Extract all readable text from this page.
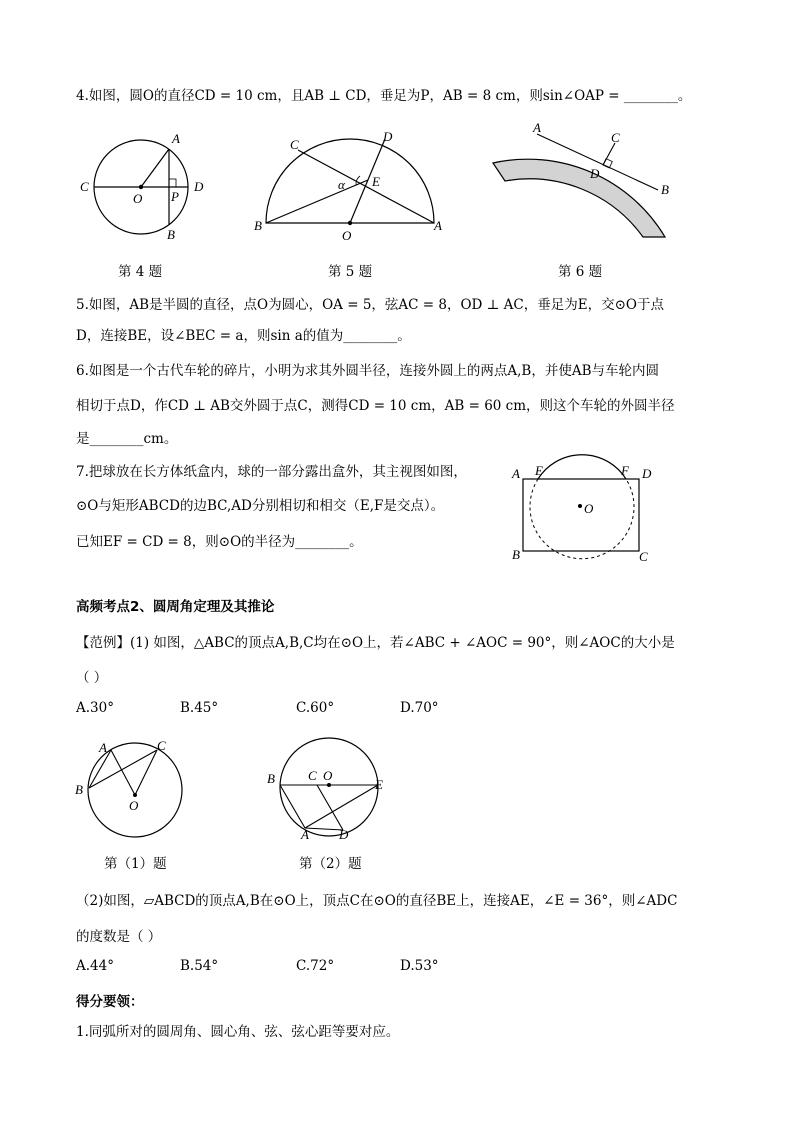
4.如图，圆O的直径CD = 10 cm，且AB ⊥ CD，垂足为P，AB = 8 cm，则sin∠OAP = ________。
A
B
C	D
O P
第 4 题
A
B
C
D
E
O
α
第 5 题
A
B
C
D
第 6 题
5.如图，AB是半圆的直径，点O为圆心，OA = 5，弦AC = 8，OD ⊥ AC，垂足为E，交⊙O于点
D，连接BE，设∠BEC = a，则sin a的值为________。
6.如图是一个古代车轮的碎片，小明为求其外圆半径，连接外圆上的两点A,B，并使AB与车轮内圆
相切于点D，作CD ⊥ AB交外圆于点C，测得CD = 10 cm，AB = 60 cm，则这个车轮的外圆半径
是________cm。
7.把球放在长方体纸盒内，球的一部分露出盒外，其主视图如图，
⊙O与矩形ABCD的边BC,AD分别相切和相交（E,F是交点）。
已知EF = CD = 8，则⊙O的半径为________。
A E	F D
B	C
O
高频考点2、圆周角定理及其推论
【范例】(1) 如图，△ABC的顶点A,B,C均在⊙O上，若∠ABC + ∠AOC = 90°，则∠AOC的大小是
（ ）
A.30°	B.45°	C.60°	D.70°
A
B
C
O
第（1）题
B	C O
E
A D
第（2）题
（2)如图，▱ABCD的顶点A,B在⊙O上，顶点C在⊙O的直径BE上，连接AE，∠E = 36°，则∠ADC
的度数是（ ）
A.44°	B.54°	C.72°	D.53°
得分要领：
1.同弧所对的圆周角、圆心角、弦、弦心距等要对应。
